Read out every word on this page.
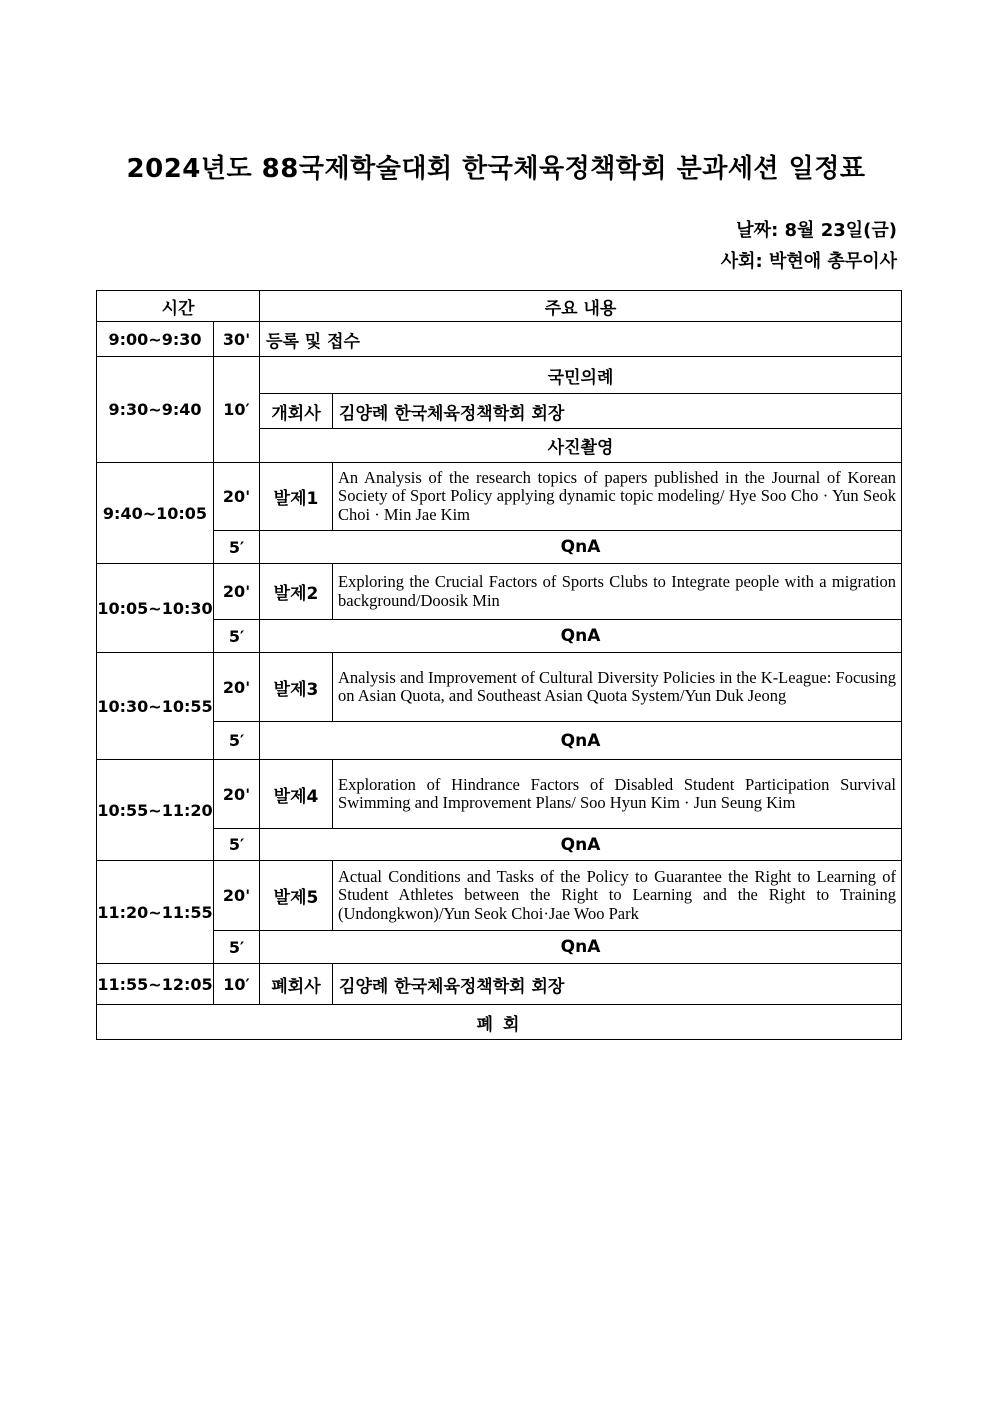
2024년도 88국제학술대회 한국체육정책학회 분과세션 일정표
날짜: 8월 23일(금)
사회: 박현애 총무이사
시간		주요 내용	
9:00~9:30	30'	등록 및 접수	
9:30~9:40	10′	국민의례	
		개회사	김양례 한국체육정책학회 회장
		사진촬영	
9:40~10:05	20'	발제1	An Analysis of the research topics of papers published in the Journal of Korean Society of Sport Policy applying dynamic topic modeling/ Hye Soo Cho · Yun Seok Choi · Min Jae Kim
	5′	QnA	
10:05~10:30	20'	발제2	Exploring the Crucial Factors of Sports Clubs to Integrate people with a migration background/Doosik Min
	5′	QnA	
10:30~10:55	20'	발제3	Analysis and Improvement of Cultural Diversity Policies in the K-League: Focusing on Asian Quota, and Southeast Asian Quota System/Yun Duk Jeong
	5′	QnA	
10:55~11:20	20'	발제4	Exploration of Hindrance Factors of Disabled Student Participation Survival Swimming and Improvement Plans/ Soo Hyun Kim · Jun Seung Kim
	5′	QnA	
11:20~11:55	20'	발제5	Actual Conditions and Tasks of the Policy to Guarantee the Right to Learning of Student Athletes between the Right to Learning and the Right to Training (Undongkwon)/Yun Seok Choi·Jae Woo Park
	5′	QnA	
11:55~12:05	10′	폐회사	김양례 한국체육정책학회 회장
폐 회			
